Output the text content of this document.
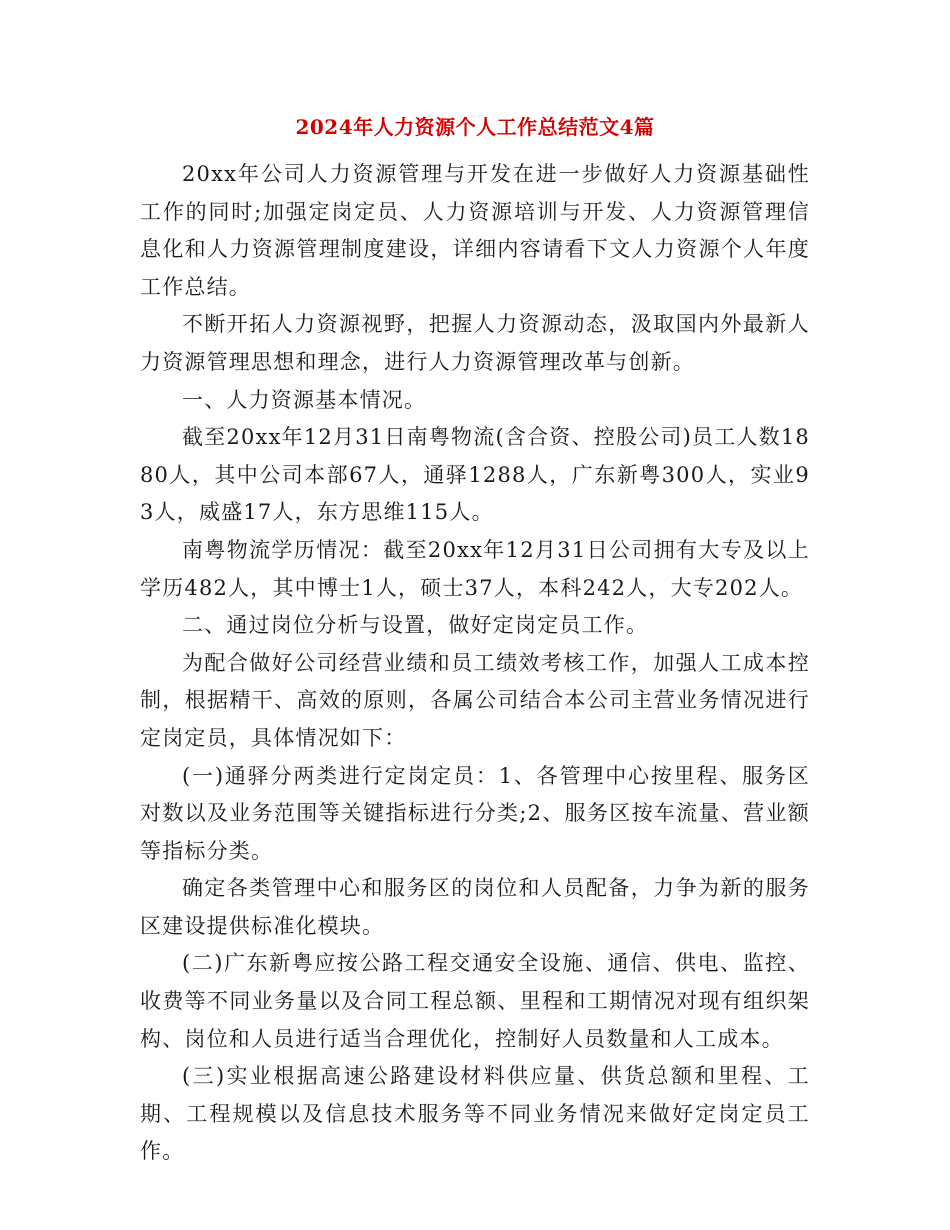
2024年人力资源个人工作总结范文4篇

20xx年公司人力资源管理与开发在进一步做好人力资源基础性工作的同时;加强定岗定员、人力资源培训与开发、人力资源管理信息化和人力资源管理制度建设，详细内容请看下文人力资源个人年度工作总结。

不断开拓人力资源视野，把握人力资源动态，汲取国内外最新人力资源管理思想和理念，进行人力资源管理改革与创新。

一、人力资源基本情况。

截至20xx年12月31日南粤物流(含合资、控股公司)员工人数1880人，其中公司本部67人，通驿1288人，广东新粤300人，实业93人，威盛17人，东方思维115人。

南粤物流学历情况：截至20xx年12月31日公司拥有大专及以上学历482人，其中博士1人，硕士37人，本科242人，大专202人。

二、通过岗位分析与设置，做好定岗定员工作。

为配合做好公司经营业绩和员工绩效考核工作，加强人工成本控制，根据精干、高效的原则，各属公司结合本公司主营业务情况进行定岗定员，具体情况如下：

(一)通驿分两类进行定岗定员：1、各管理中心按里程、服务区对数以及业务范围等关键指标进行分类;2、服务区按车流量、营业额等指标分类。

确定各类管理中心和服务区的岗位和人员配备，力争为新的服务区建设提供标准化模块。

(二)广东新粤应按公路工程交通安全设施、通信、供电、监控、收费等不同业务量以及合同工程总额、里程和工期情况对现有组织架构、岗位和人员进行适当合理优化，控制好人员数量和人工成本。

(三)实业根据高速公路建设材料供应量、供货总额和里程、工期、工程规模以及信息技术服务等不同业务情况来做好定岗定员工作。
